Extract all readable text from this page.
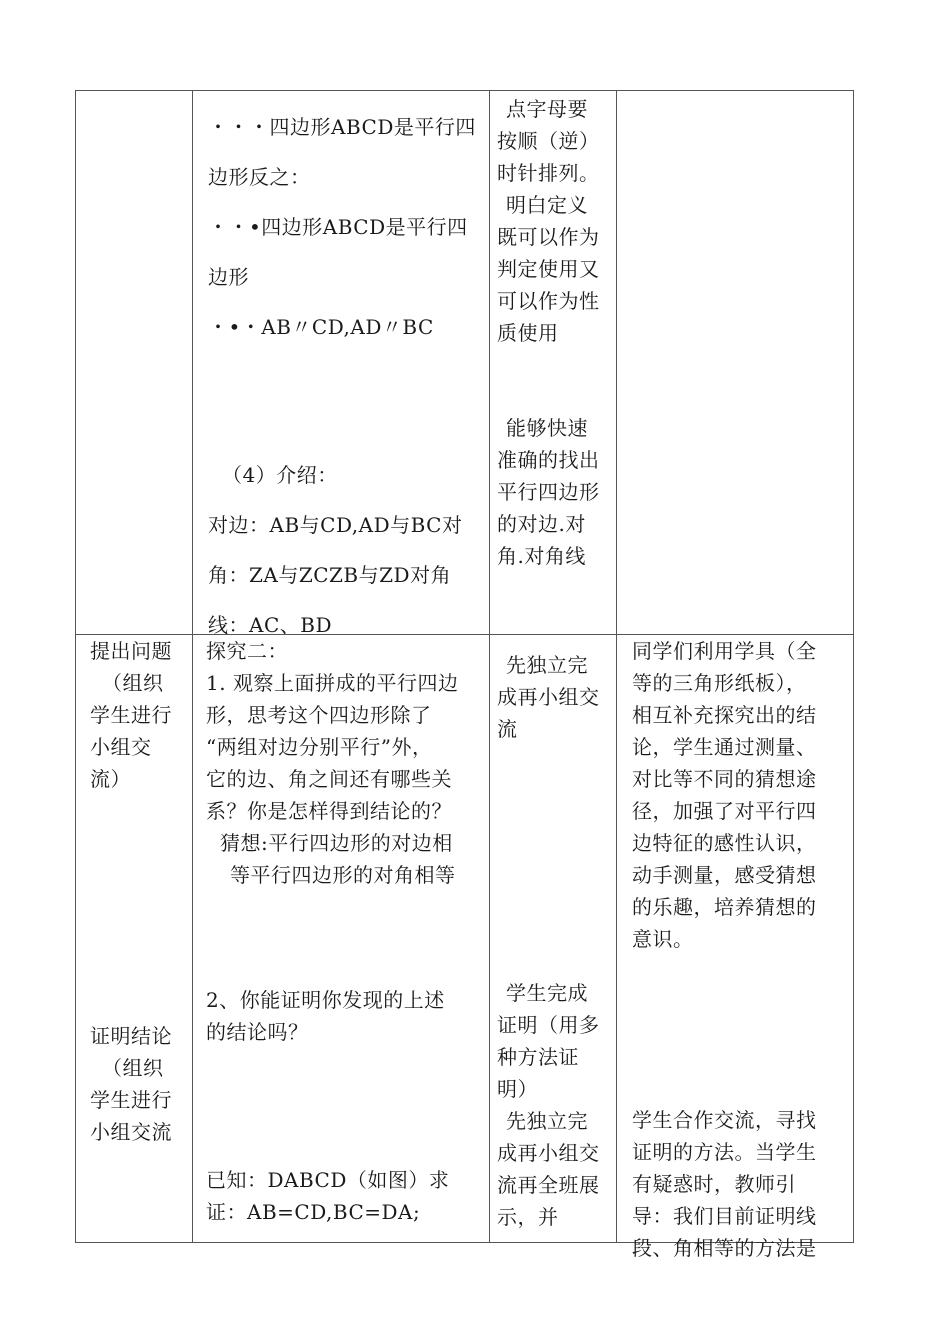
・・・四边形ABCD是平行四
边形反之：
・・•四边形ABCD是平行四
边形
・•・AB〃CD,AD〃BC
（4）介绍：
对边：AB与CD,AD与BC对
角：ZA与ZCZB与ZD对角
线：AC、BD
点字母要
按顺（逆）
时针排列。
明白定义
既可以作为
判定使用又
可以作为性
质使用
能够快速
准确的找出
平行四边形
的对边.对
角.对角线
提出问题
（组织
学生进行
小组交
流）
证明结论
（组织
学生进行
小组交流
探究二：
1. 观察上面拼成的平行四边
形，思考这个四边形除了
“两组对边分别平行”外，
它的边、角之间还有哪些关
系？你是怎样得到结论的？
猜想:平行四边形的对边相
等平行四边形的对角相等
2、你能证明你发现的上述
的结论吗？
已知：DABCD（如图）求
证：AB=CD,BC=DA;
先独立完
成再小组交
流
学生完成
证明（用多
种方法证
明）
先独立完
成再小组交
流再全班展
示，并
同学们利用学具（全
等的三角形纸板），
相互补充探究出的结
论，学生通过测量、
对比等不同的猜想途
径，加强了对平行四
边特征的感性认识，
动手测量，感受猜想
的乐趣，培养猜想的
意识。
学生合作交流，寻找
证明的方法。当学生
有疑惑时，教师引
导：我们目前证明线
段、角相等的方法是
